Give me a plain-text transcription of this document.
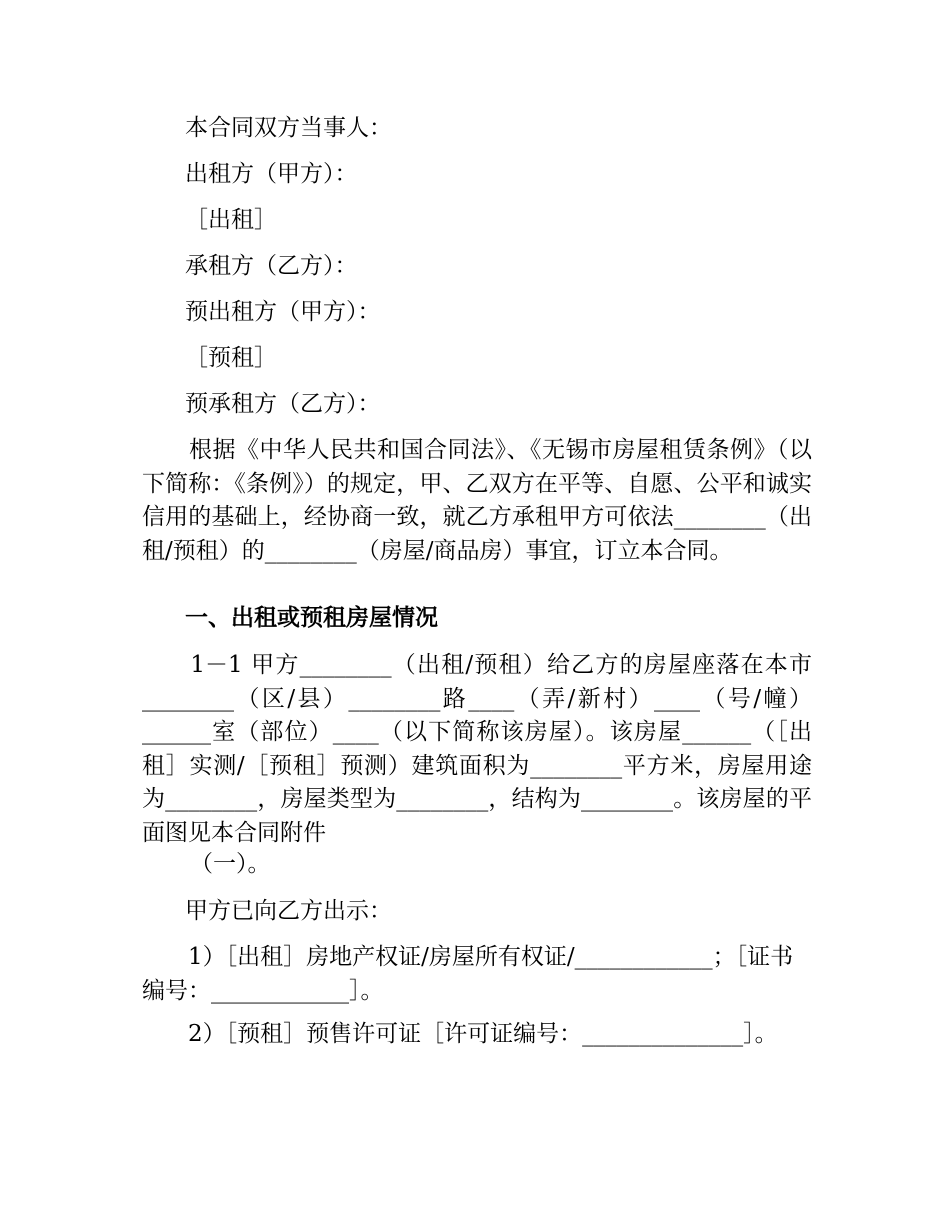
本合同双方当事人：

出租方（甲方）：

［出租］

承租方（乙方）：

预出租方（甲方）：

［预租］

预承租方（乙方）：

　　根据《中华人民共和国合同法》、《无锡市房屋租赁条例》（以下简称：《条例》）的规定，甲、乙双方在平等、自愿、公平和诚实信用的基础上，经协商一致，就乙方承租甲方可依法________（出租/预租）的________（房屋/商品房）事宜，订立本合同。

一、出租或预租房屋情况

　　1－1 甲方________（出租/预租）给乙方的房屋座落在本市________（区/县）________路____（弄/新村）____（号/幢）______室（部位）____（以下简称该房屋）。该房屋______（［出租］实测/［预租］预测）建筑面积为________平方米，房屋用途为________，房屋类型为________，结构为________。该房屋的平面图见本合同附件

（一）。

甲方已向乙方出示：

　　1）［出租］房地产权证/房屋所有权证/____________；［证书编号：____________］。

　　2）［预租］预售许可证［许可证编号：______________］。
